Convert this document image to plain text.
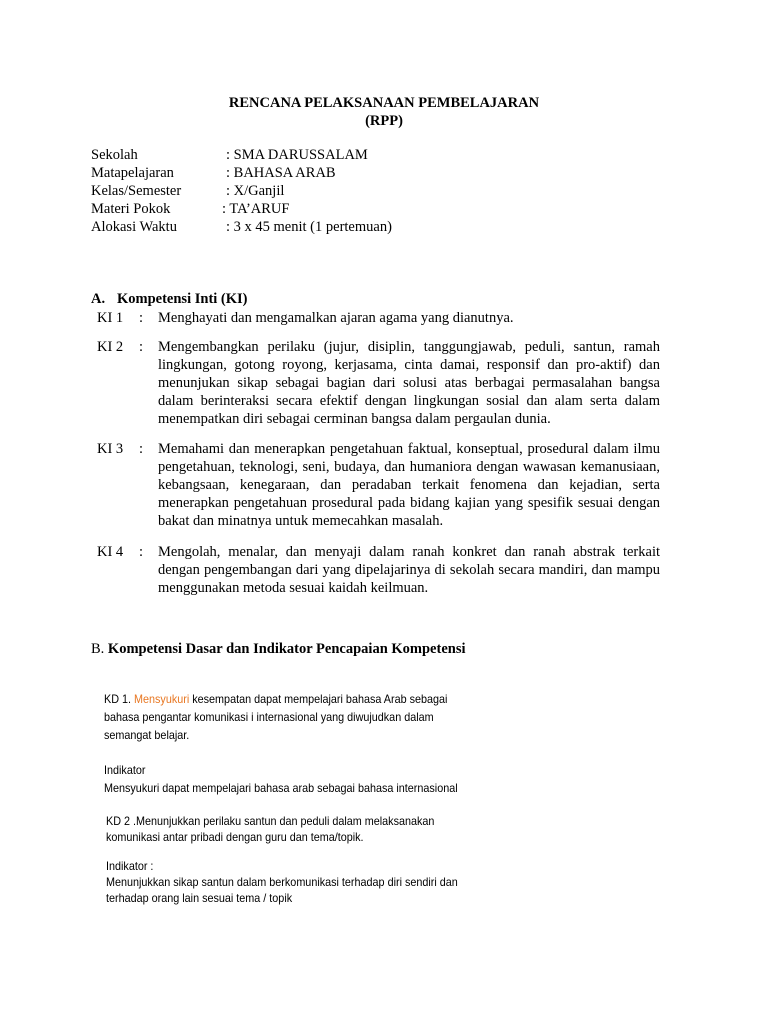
RENCANA PELAKSANAAN PEMBELAJARAN
(RPP)
Sekolah	: SMA DARUSSALAM
Matapelajaran	: BAHASA ARAB
Kelas/Semester	: X/Ganjil
Materi Pokok	: TA’ARUF
Alokasi Waktu	: 3 x 45 menit (1 pertemuan)
A. Kompetensi Inti (KI)
KI 1 : Menghayati dan mengamalkan ajaran agama yang dianutnya.
KI 2 : Mengembangkan perilaku (jujur, disiplin, tanggungjawab, peduli, santun, ramah lingkungan, gotong royong, kerjasama, cinta damai, responsif dan pro-aktif) dan menunjukan sikap sebagai bagian dari solusi atas berbagai permasalahan bangsa dalam berinteraksi secara efektif dengan lingkungan sosial dan alam serta dalam menempatkan diri sebagai cerminan bangsa dalam pergaulan dunia.
KI 3 : Memahami dan menerapkan pengetahuan faktual, konseptual, prosedural dalam ilmu pengetahuan, teknologi, seni, budaya, dan humaniora dengan wawasan kemanusiaan, kebangsaan, kenegaraan, dan peradaban terkait fenomena dan kejadian, serta menerapkan pengetahuan prosedural pada bidang kajian yang spesifik sesuai dengan bakat dan minatnya untuk memecahkan masalah.
KI 4 : Mengolah, menalar, dan menyaji dalam ranah konkret dan ranah abstrak terkait dengan pengembangan dari yang dipelajarinya di sekolah secara mandiri, dan mampu menggunakan metoda sesuai kaidah keilmuan.
B. Kompetensi Dasar dan Indikator Pencapaian Kompetensi
KD 1. Mensyukuri kesempatan dapat mempelajari bahasa Arab sebagai
bahasa pengantar komunikasi i internasional yang diwujudkan dalam
semangat belajar.
Indikator
Mensyukuri dapat mempelajari bahasa arab sebagai bahasa internasional
KD 2 .Menunjukkan perilaku santun dan peduli dalam melaksanakan
komunikasi antar pribadi dengan guru dan tema/topik.
Indikator :
Menunjukkan sikap santun dalam berkomunikasi terhadap diri sendiri dan
terhadap orang lain sesuai tema / topik
